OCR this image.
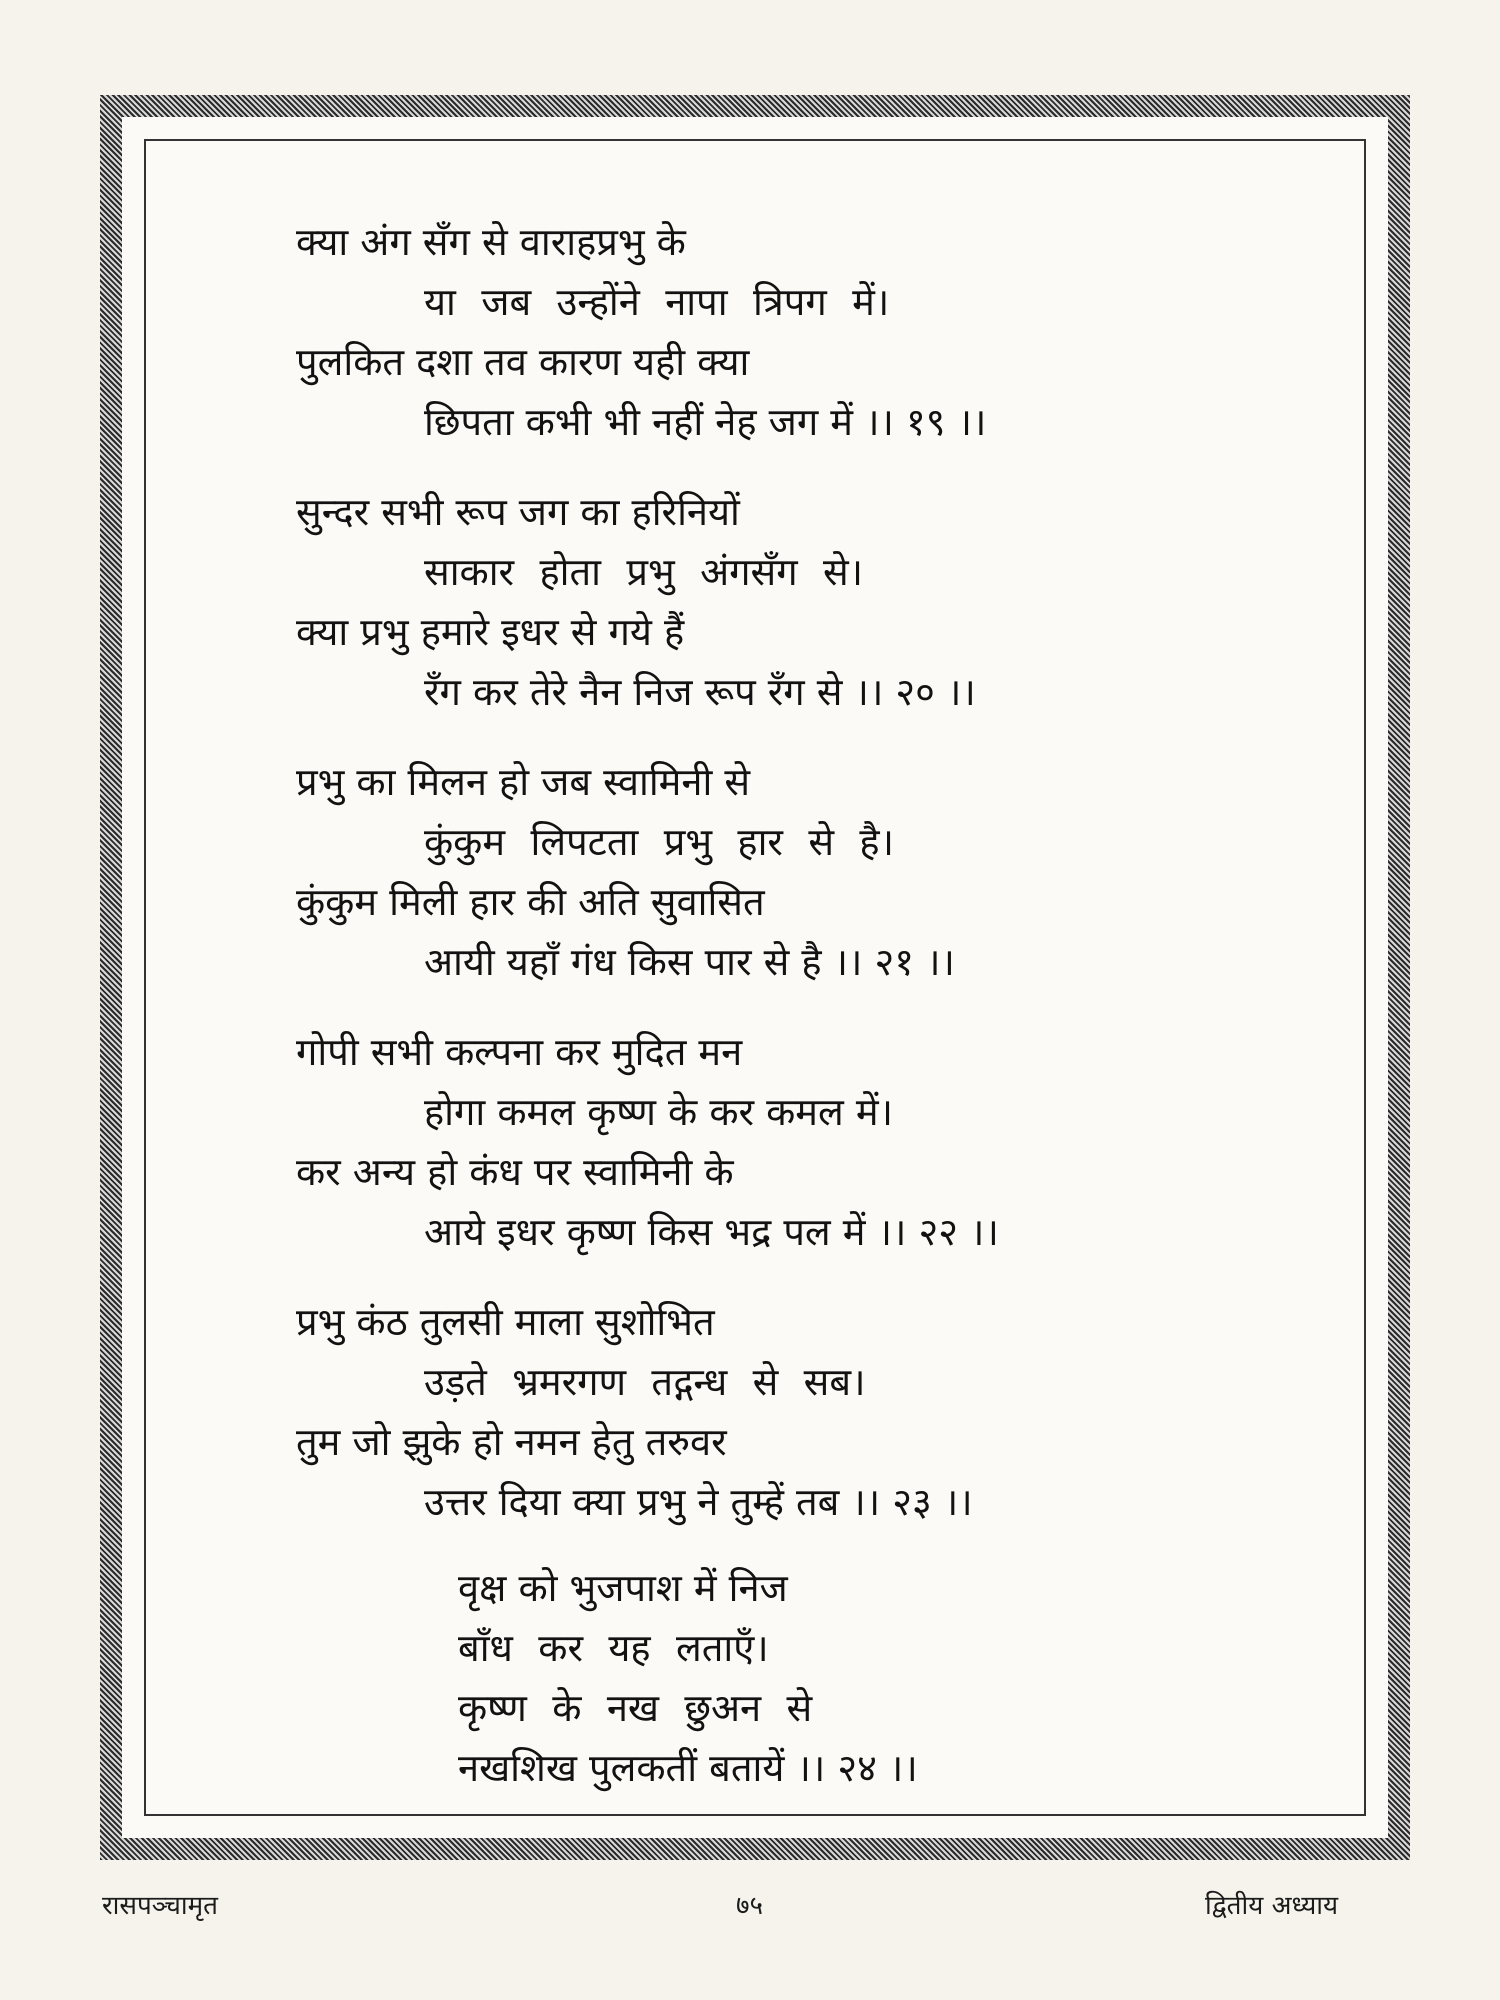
क्या अंग सँग से वाराहप्रभु के
या जब उन्होंने नापा त्रिपग में।
पुलकित दशा तव कारण यही क्या
छिपता कभी भी नहीं नेह जग में ।। १९ ।।
सुन्दर सभी रूप जग का हरिनियों
साकार होता प्रभु अंगसँग से।
क्या प्रभु हमारे इधर से गये हैं
रँग कर तेरे नैन निज रूप रँग से ।। २० ।।
प्रभु का मिलन हो जब स्वामिनी से
कुंकुम लिपटता प्रभु हार से है।
कुंकुम मिली हार की अति सुवासित
आयी यहाँ गंध किस पार से है ।। २१ ।।
गोपी सभी कल्पना कर मुदित मन
होगा कमल कृष्ण के कर कमल में।
कर अन्य हो कंध पर स्वामिनी के
आये इधर कृष्ण किस भद्र पल में ।। २२ ।।
प्रभु कंठ तुलसी माला सुशोभित
उड़ते भ्रमरगण तद्गन्ध से सब।
तुम जो झुके हो नमन हेतु तरुवर
उत्तर दिया क्या प्रभु ने तुम्हें तब ।। २३ ।।
वृक्ष को भुजपाश में निज
बाँध कर यह लताएँ।
कृष्ण के नख छुअन से
नखशिख पुलकतीं बतायें ।। २४ ।।
रासपञ्चामृत	७५	द्वितीय अध्याय
